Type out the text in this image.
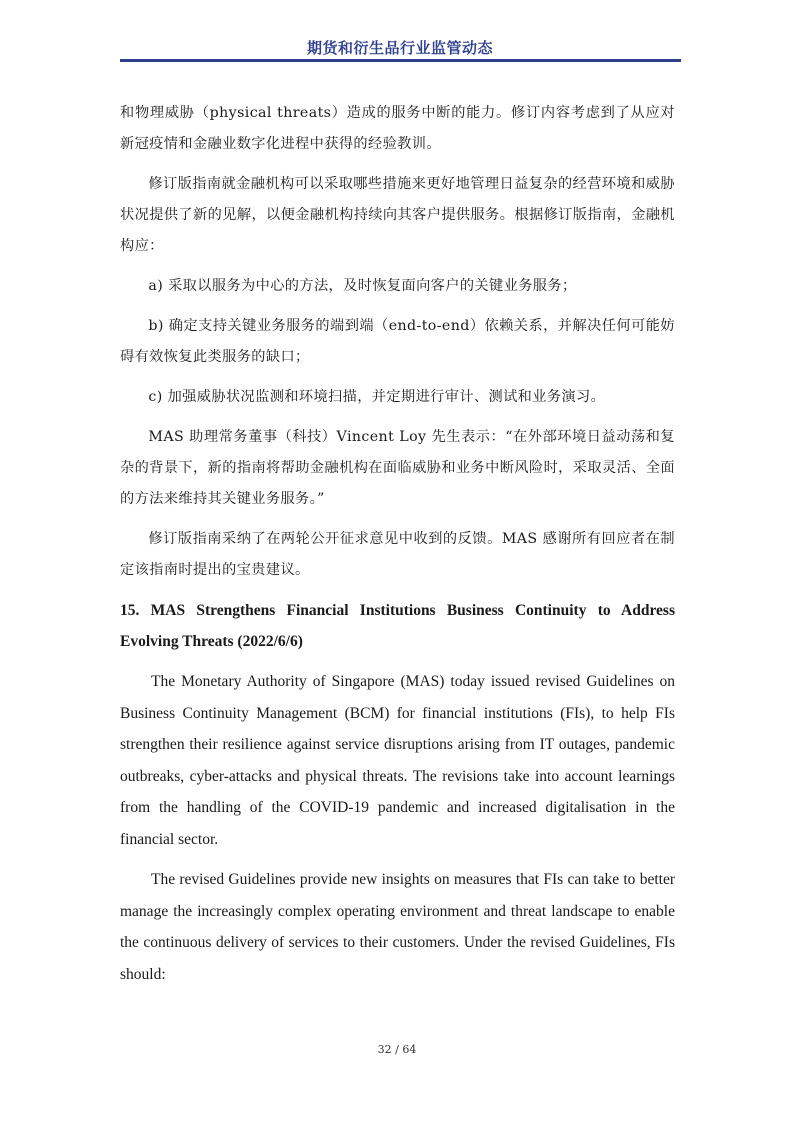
期货和衍生品行业监管动态

和物理威胁（physical threats）造成的服务中断的能力。修订内容考虑到了从应对新冠疫情和金融业数字化进程中获得的经验教训。

修订版指南就金融机构可以采取哪些措施来更好地管理日益复杂的经营环境和威胁状况提供了新的见解，以便金融机构持续向其客户提供服务。根据修订版指南，金融机构应：

a) 采取以服务为中心的方法，及时恢复面向客户的关键业务服务；

b) 确定支持关键业务服务的端到端（end-to-end）依赖关系，并解决任何可能妨碍有效恢复此类服务的缺口；

c) 加强威胁状况监测和环境扫描，并定期进行审计、测试和业务演习。

MAS 助理常务董事（科技）Vincent Loy 先生表示：“在外部环境日益动荡和复杂的背景下，新的指南将帮助金融机构在面临威胁和业务中断风险时，采取灵活、全面的方法来维持其关键业务服务。”

修订版指南采纳了在两轮公开征求意见中收到的反馈。MAS 感谢所有回应者在制定该指南时提出的宝贵建议。

15. MAS Strengthens Financial Institutions Business Continuity to Address Evolving Threats (2022/6/6)

The Monetary Authority of Singapore (MAS) today issued revised Guidelines on Business Continuity Management (BCM) for financial institutions (FIs), to help FIs strengthen their resilience against service disruptions arising from IT outages, pandemic outbreaks, cyber-attacks and physical threats. The revisions take into account learnings from the handling of the COVID-19 pandemic and increased digitalisation in the financial sector.

The revised Guidelines provide new insights on measures that FIs can take to better manage the increasingly complex operating environment and threat landscape to enable the continuous delivery of services to their customers. Under the revised Guidelines, FIs should:

32 / 64
